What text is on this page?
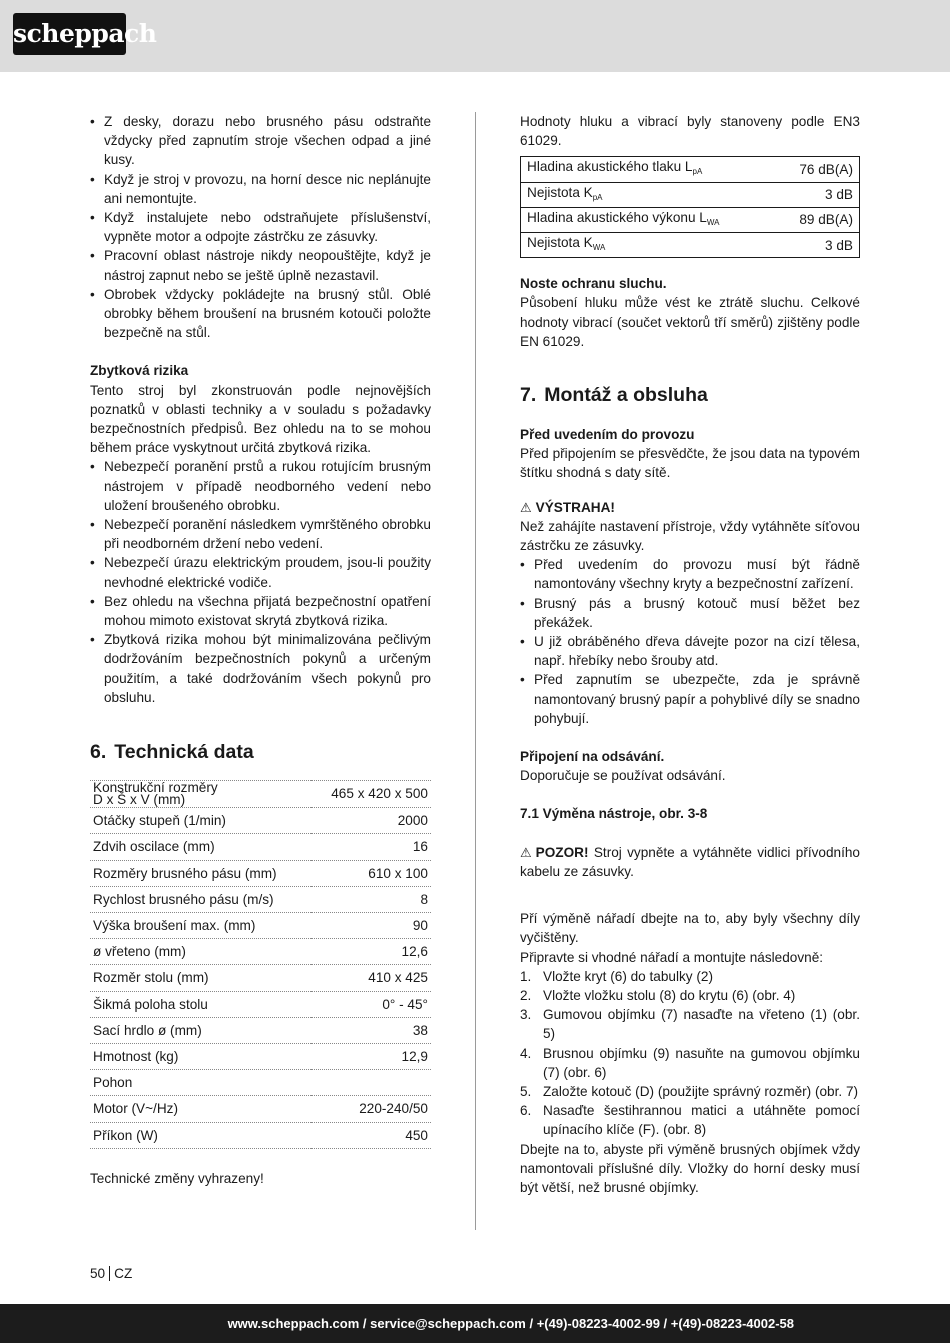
scheppach
• Z desky, dorazu nebo brusného pásu odstraňte vždycky před zapnutím stroje všechen odpad a jiné kusy.
• Když je stroj v provozu, na horní desce nic neplánujte ani nemontujte.
• Když instalujete nebo odstraňujete příslušenství, vypněte motor a odpojte zástrčku ze zásuvky.
• Pracovní oblast nástroje nikdy neopouštějte, když je nástroj zapnut nebo se ještě úplně nezastavil.
• Obrobek vždycky pokládejte na brusný stůl. Oblé obrobky během broušení na brusném kotouči položte bezpečně na stůl.
Zbytková rizika

Tento stroj byl zkonstruován podle nejnovějších poznatků v oblasti techniky a v souladu s požadavky bezpečnostních předpisů. Bez ohledu na to se mohou během práce vyskytnout určitá zbytková rizika.

• Nebezpečí poranění prstů a rukou rotujícím brusným nástrojem v případě neodborného vedení nebo uložení broušeného obrobku.
• Nebezpečí poranění následkem vymrštěného obrobku při neodborném držení nebo vedení.
• Nebezpečí úrazu elektrickým proudem, jsou-li použity nevhodné elektrické vodiče.
• Bez ohledu na všechna přijatá bezpečnostní opatření mohou mimoto existovat skrytá zbytková rizika.
• Zbytková rizika mohou být minimalizována pečlivým dodržováním bezpečnostních pokynů a určeným použitím, a také dodržováním všech pokynů pro obsluhu.
6. Technická data
Konstrukční rozměry
D x Š x V (mm)	465 x 420 x 500
Otáčky stupeň (1/min)	2000
Zdvih oscilace (mm)	16
Rozměry brusného pásu (mm)	610 x 100
Rychlost brusného pásu (m/s)	8
Výška broušení max. (mm)	90
ø vřeteno (mm)	12,6
Rozměr stolu (mm)	410 x 425
Šikmá poloha stolu	0° - 45°
Sací hrdlo ø (mm)	38
Hmotnost (kg)	12,9
Pohon	
Motor (V~/Hz)	220-240/50
Příkon (W)	450

Technické změny vyhrazeny!

Hodnoty hluku a vibrací byly stanoveny podle EN3 61029.

Hladina akustického tlaku $L_{pA}$	76 dB(A)
Nejistota $K_{pA}$	3 dB
Hladina akustického výkonu $L_{WA}$	89 dB(A)
Nejistota $K_{WA}$	3 dB
Noste ochranu sluchu.

Působení hluku může vést ke ztrátě sluchu. Celkové hodnoty vibrací (součet vektorů tří směrů) zjištěny podle EN 61029.

7. Montáž a obsluha
Před uvedením do provozu

Před připojením se přesvědčte, že jsou data na typovém štítku shodná s daty sítě.

⚠ VÝSTRAHA!

Než zahájíte nastavení přístroje, vždy vytáhněte síťovou zástrčku ze zásuvky.

• Před uvedením do provozu musí být řádně namontovány všechny kryty a bezpečnostní zařízení.
• Brusný pás a brusný kotouč musí běžet bez překážek.
• U již obráběného dřeva dávejte pozor na cizí tělesa, např. hřebíky nebo šrouby atd.
• Před zapnutím se ubezpečte, zda je správně namontovaný brusný papír a pohyblivé díly se snadno pohybují.
Připojení na odsávání.

Doporučuje se používat odsávání.

7.1 Výměna nástroje, obr. 3-8

⚠ POZOR! Stroj vypněte a vytáhněte vidlici přívodního kabelu ze zásuvky.

Pří výměně nářadí dbejte na to, aby byly všechny díly vyčištěny.

Připravte si vhodné nářadí a montujte následovně:

1. Vložte kryt (6) do tabulky (2)
2. Vložte vložku stolu (8) do krytu (6) (obr. 4)
3. Gumovou objímku (7) nasaďte na vřeteno (1) (obr. 5)
4. Brusnou objímku (9) nasuňte na gumovou objímku (7) (obr. 6)
5. Založte kotouč (D) (použijte správný rozměr) (obr. 7)
6. Nasaďte šestihrannou matici a utáhněte pomocí upínacího klíče (F). (obr. 8)

Dbejte na to, abyste při výměně brusných objímek vždy namontovali příslušné díly. Vložky do horní desky musí být větší, než brusné objímky.

50 CZ
www.scheppach.com / service@scheppach.com / +(49)-08223-4002-99 / +(49)-08223-4002-58
